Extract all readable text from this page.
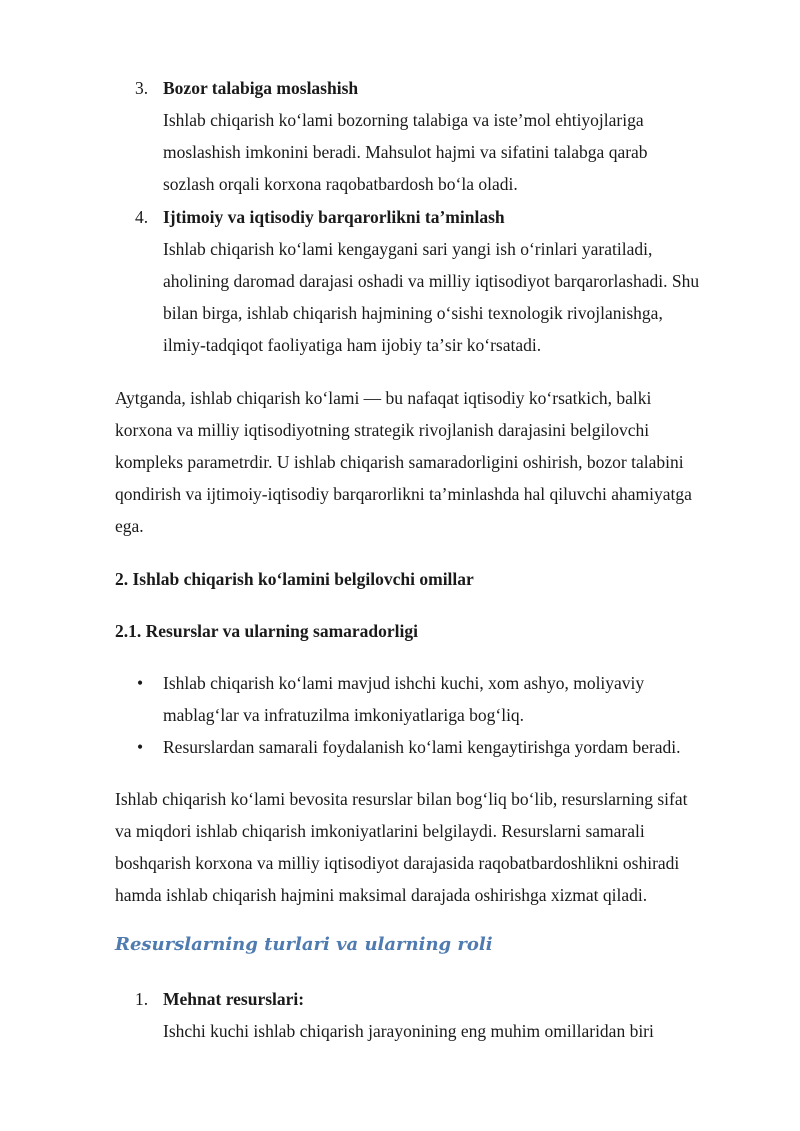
3. Bozor talabiga moslashish
Ishlab chiqarish koʻlami bozorning talabiga va isteʼmol ehtiyojlariga
moslashish imkonini beradi. Mahsulot hajmi va sifatini talabga qarab
sozlash orqali korxona raqobatbardosh boʻla oladi.
4. Ijtimoiy va iqtisodiy barqarorlikni taʼminlash
Ishlab chiqarish koʻlami kengaygani sari yangi ish oʻrinlari yaratiladi,
aholining daromad darajasi oshadi va milliy iqtisodiyot barqarorlashadi. Shu
bilan birga, ishlab chiqarish hajmining oʻsishi texnologik rivojlanishga,
ilmiy-tadqiqot faoliyatiga ham ijobiy taʼsir koʻrsatadi.
Aytganda, ishlab chiqarish koʻlami — bu nafaqat iqtisodiy koʻrsatkich, balki
korxona va milliy iqtisodiyotning strategik rivojlanish darajasini belgilovchi
kompleks parametrdir. U ishlab chiqarish samaradorligini oshirish, bozor talabini
qondirish va ijtimoiy-iqtisodiy barqarorlikni taʼminlashda hal qiluvchi ahamiyatga
ega.
2. Ishlab chiqarish koʻlamini belgilovchi omillar
2.1. Resurslar va ularning samaradorligi
• Ishlab chiqarish koʻlami mavjud ishchi kuchi, xom ashyo, moliyaviy
mablagʻlar va infratuzilma imkoniyatlariga bogʻliq.
• Resurslardan samarali foydalanish koʻlami kengaytirishga yordam beradi.
Ishlab chiqarish koʻlami bevosita resurslar bilan bogʻliq boʻlib, resurslarning sifat
va miqdori ishlab chiqarish imkoniyatlarini belgilaydi. Resurslarni samarali
boshqarish korxona va milliy iqtisodiyot darajasida raqobatbardoshlikni oshiradi
hamda ishlab chiqarish hajmini maksimal darajada oshirishga xizmat qiladi.
Resurslarning turlari va ularning roli
1. Mehnat resurslari:
Ishchi kuchi ishlab chiqarish jarayonining eng muhim omillaridan biri
